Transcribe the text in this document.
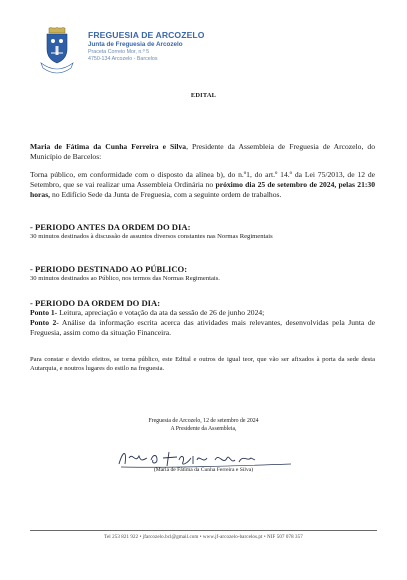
FREGUESIA DE ARCOZELO
Junta de Freguesia de Arcozelo
Praceta Correio Mor, n.º 5
4750-134 Arcozelo - Barcelos
EDITAL

Maria de Fátima da Cunha Ferreira e Silva, Presidente da Assembleia de Freguesia de Arcozelo, do Município de Barcelos:

Torna público, em conformidade com o disposto da alínea b), do n.º1, do art.º 14.º da Lei 75/2013, de 12 de Setembro, que se vai realizar uma Assembleia Ordinária no próximo dia 25 de setembro de 2024, pelas 21:30 horas, no Edifício Sede da Junta de Freguesia, com a seguinte ordem de trabalhos.

- PERIODO ANTES DA ORDEM DO DIA:

30 minutos destinados à discussão de assuntos diversos constantes nas Normas Regimentais

- PERIODO DESTINADO AO PÚBLICO:

30 minutos destinados ao Público, nos termos das Normas Regimentais.

- PERIODO DA ORDEM DO DIA:

Ponto 1- Leitura, apreciação e votação da ata da sessão de 26 de junho 2024;

Ponto 2- Análise da informação escrita acerca das atividades mais relevantes, desenvolvidas pela Junta de Freguesia, assim como da situação Financeira.

Para constar e devido efeitos, se torna público, este Edital e outros de igual teor, que vão ser afixados à porta da sede desta Autarquia, e noutros lugares do estilo na freguesia.

Freguesia de Arcozelo, 12 de setembro de 2024
A Presidente da Assembleia,
(Maria de Fátima da Cunha Ferreira e Silva)
Tel 253 821 922 • jfarcozelo.bcl@gmail.com • www.jf-arcozelo-barcelos.pt • NIF 507 078 357
